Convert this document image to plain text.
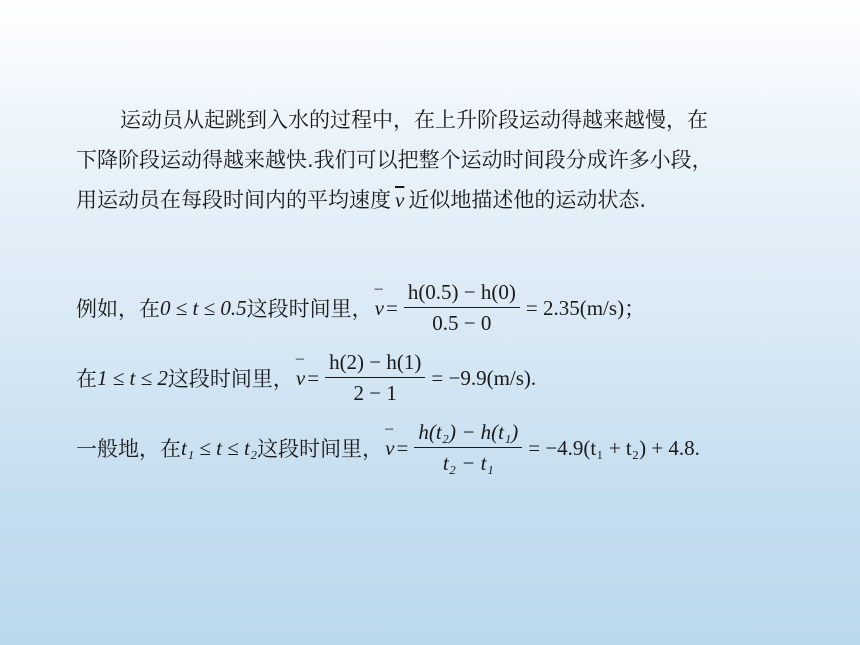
运动员从起跳到入水的过程中，在上升阶段运动得越来越慢，在
下降阶段运动得越来越快.我们可以把整个运动时间段分成许多小段，
用运动员在每段时间内的平均速度 $\overline{v}$ 近似地描述他的运动状态.
例如，在 0 ≤ t ≤ 0.5 这段时间里， – $v = \frac{h(0.5) - h(0)}{0.5 - 0} = 2.35(m/s)$ ；
在 1 ≤ t ≤ 2 这段时间里， – $v = \frac{h(2) - h(1)}{2 - 1} = -9.9(m/s)$ .
一般地，在 t₁ ≤ t ≤ t₂ 这段时间里， – $v = \frac{\text{h(t₂) − h(t₁)}}{\text{t₂ − t₁}} = -4.9(t_1 + t_2) + 4.8$ .
